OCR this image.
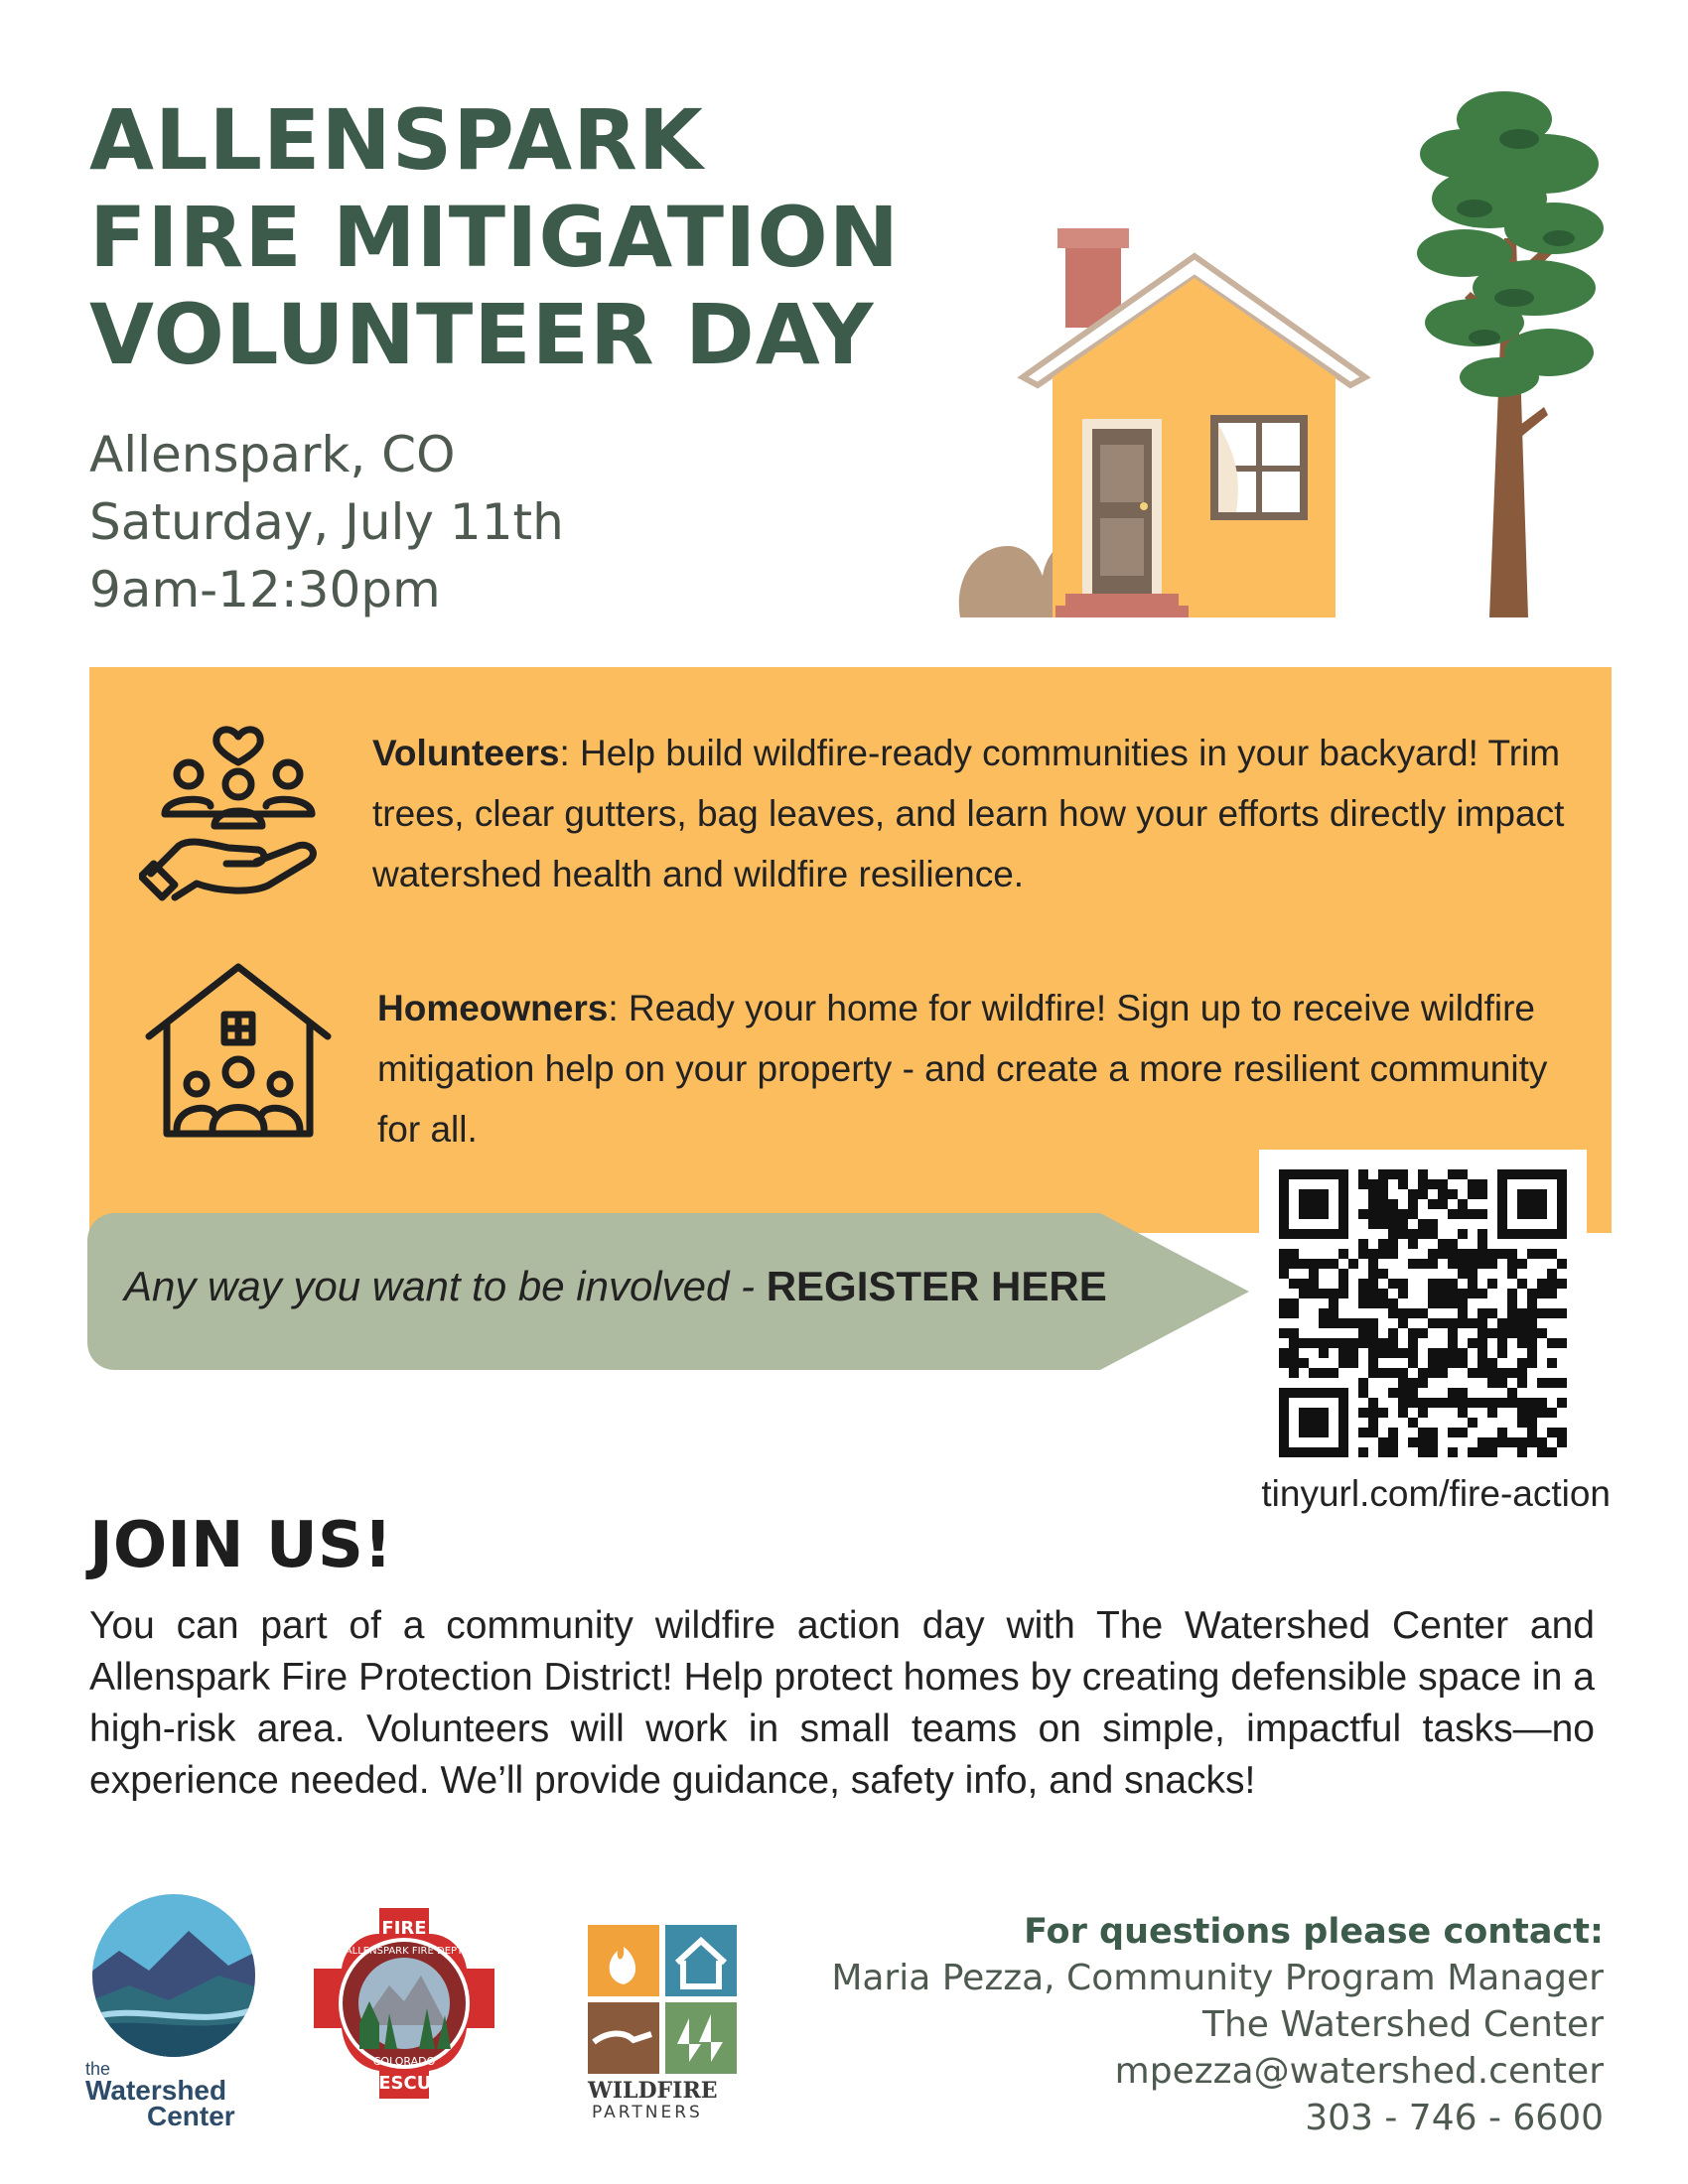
ALLENSPARK
FIRE MITIGATION
VOLUNTEER DAY
Allenspark, CO
Saturday, July 11th
9am-12:30pm
Volunteers: Help build wildfire-ready communities in your backyard! Trim trees, clear gutters, bag leaves, and learn how your efforts directly impact watershed health and wildfire resilience.
Homeowners: Ready your home for wildfire! Sign up to receive wildfire mitigation help on your property - and create a more resilient community for all.
Any way you want to be involved - REGISTER HERE
tinyurl.com/fire-action
JOIN US!

You can part of a community wildfire action day with The Watershed Center and Allenspark Fire Protection District! Help protect homes by creating defensible space in a high-risk area. Volunteers will work in small teams on simple, impactful tasks—no experience needed. We’ll provide guidance, safety info, and snacks!

the
Watershed
Center
FIRE
ALLENSPARK FIRE DEPT
COLORADO
RESCUE	WILDFIRE
PARTNERS
For questions please contact:
Maria Pezza, Community Program Manager
The Watershed Center
mpezza@watershed.center
303 - 746 - 6600
